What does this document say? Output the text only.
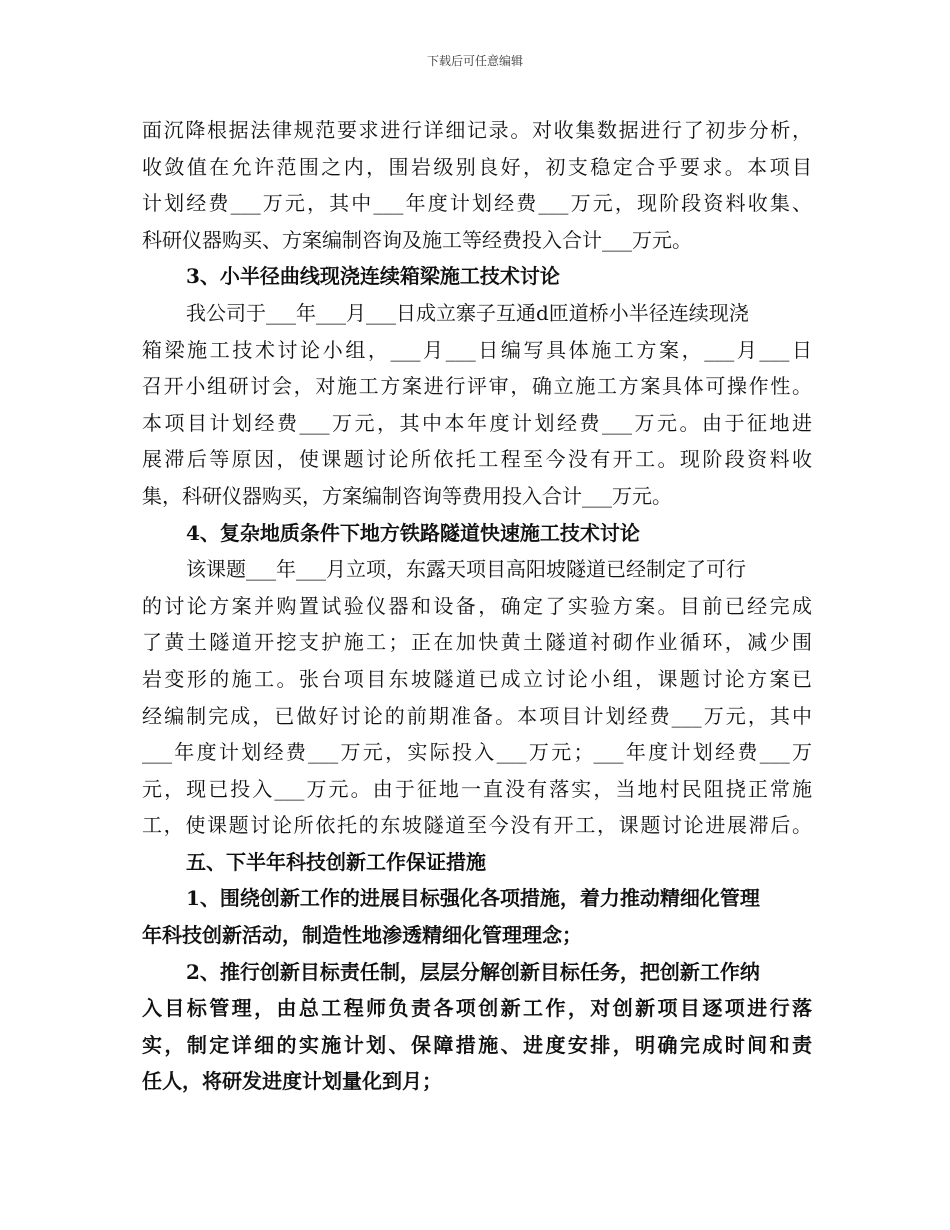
下载后可任意编辑
面沉降根据法律规范要求进行详细记录。对收集数据进行了初步分析，
收敛值在允许范围之内，围岩级别良好，初支稳定合乎要求。本项目
计划经费___万元，其中___年度计划经费___万元，现阶段资料收集、
科研仪器购买、方案编制咨询及施工等经费投入合计___万元。
3、小半径曲线现浇连续箱梁施工技术讨论
我公司于___年___月___日成立寨子互通d匝道桥小半径连续现浇
箱梁施工技术讨论小组，___月___日编写具体施工方案，___月___日
召开小组研讨会，对施工方案进行评审，确立施工方案具体可操作性。
本项目计划经费___万元，其中本年度计划经费___万元。由于征地进
展滞后等原因，使课题讨论所依托工程至今没有开工。现阶段资料收
集，科研仪器购买，方案编制咨询等费用投入合计___万元。
4、复杂地质条件下地方铁路隧道快速施工技术讨论
该课题___年___月立项，东露天项目高阳坡隧道已经制定了可行
的讨论方案并购置试验仪器和设备，确定了实验方案。目前已经完成
了黄土隧道开挖支护施工；正在加快黄土隧道衬砌作业循环，减少围
岩变形的施工。张台项目东坡隧道已成立讨论小组，课题讨论方案已
经编制完成，已做好讨论的前期准备。本项目计划经费___万元，其中
___年度计划经费___万元，实际投入___万元；___年度计划经费___万
元，现已投入___万元。由于征地一直没有落实，当地村民阻挠正常施
工，使课题讨论所依托的东坡隧道至今没有开工，课题讨论进展滞后。
五、下半年科技创新工作保证措施
1、围绕创新工作的进展目标强化各项措施，着力推动精细化管理
年科技创新活动，制造性地渗透精细化管理理念；
2、推行创新目标责任制，层层分解创新目标任务，把创新工作纳
入目标管理，由总工程师负责各项创新工作，对创新项目逐项进行落
实，制定详细的实施计划、保障措施、进度安排，明确完成时间和责
任人，将研发进度计划量化到月；
